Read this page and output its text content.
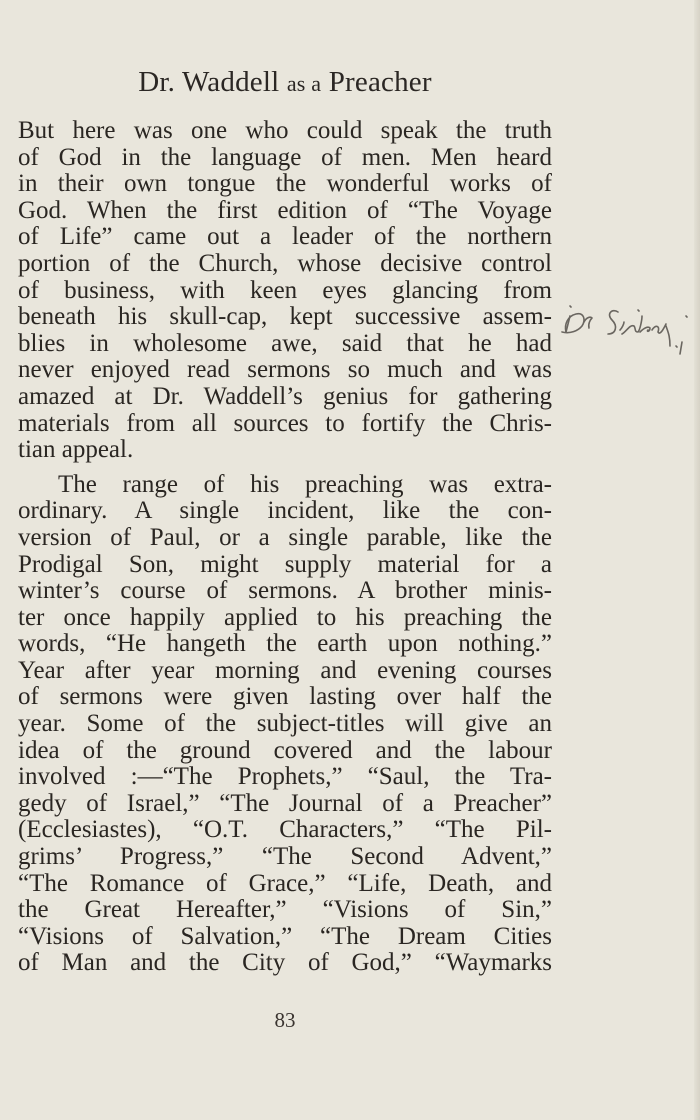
Dr. Waddell as a Preacher
But here was one who could speak the truth
of God in the language of men. Men heard
in their own tongue the wonderful works of
God. When the first edition of “The Voyage
of Life” came out a leader of the northern
portion of the Church, whose decisive control
of business, with keen eyes glancing from
beneath his skull-cap, kept successive assem-
blies in wholesome awe, said that he had
never enjoyed read sermons so much and was
amazed at Dr. Waddell’s genius for gathering
materials from all sources to fortify the Chris-
tian appeal.
The range of his preaching was extra-
ordinary. A single incident, like the con-
version of Paul, or a single parable, like the
Prodigal Son, might supply material for a
winter’s course of sermons. A brother minis-
ter once happily applied to his preaching the
words, “He hangeth the earth upon nothing.”
Year after year morning and evening courses
of sermons were given lasting over half the
year. Some of the subject-titles will give an
idea of the ground covered and the labour
involved :—“The Prophets,” “Saul, the Tra-
gedy of Israel,” “The Journal of a Preacher”
(Ecclesiastes), “O.T. Characters,” “The Pil-
grims’ Progress,” “The Second Advent,”
“The Romance of Grace,” “Life, Death, and
the Great Hereafter,” “Visions of Sin,”
“Visions of Salvation,” “The Dream Cities
of Man and the City of God,” “Waymarks
83
